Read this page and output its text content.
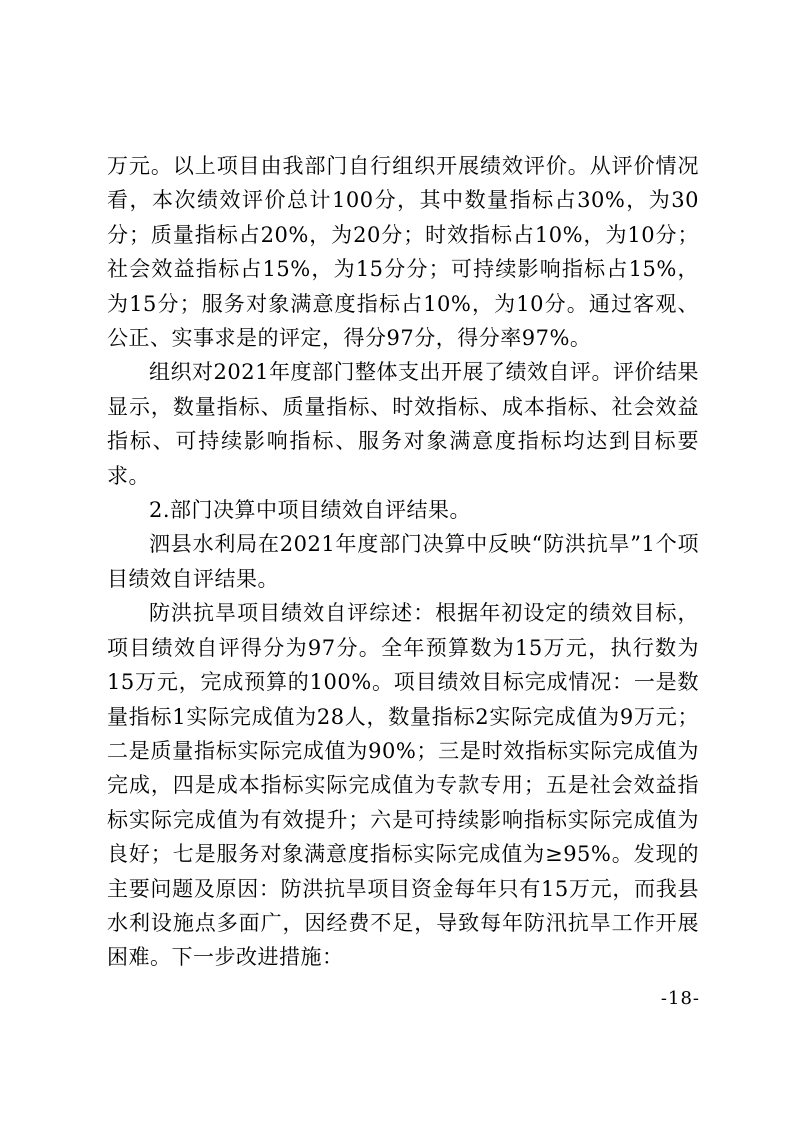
万元。以上项目由我部门自行组织开展绩效评价。从评价情况看，本次绩效评价总计100分，其中数量指标占30%，为30分；质量指标占20%，为20分；时效指标占10%，为10分；社会效益指标占15%，为15分分；可持续影响指标占15%，为15分；服务对象满意度指标占10%，为10分。通过客观、公正、实事求是的评定，得分97分，得分率97%。

组织对2021年度部门整体支出开展了绩效自评。评价结果显示，数量指标、质量指标、时效指标、成本指标、社会效益指标、可持续影响指标、服务对象满意度指标均达到目标要求。

2.部门决算中项目绩效自评结果。

泗县水利局在2021年度部门决算中反映“防洪抗旱”1个项目绩效自评结果。

防洪抗旱项目绩效自评综述：根据年初设定的绩效目标，项目绩效自评得分为97分。全年预算数为15万元，执行数为15万元，完成预算的100%。项目绩效目标完成情况：一是数量指标1实际完成值为28人，数量指标2实际完成值为9万元；二是质量指标实际完成值为90%；三是时效指标实际完成值为完成，四是成本指标实际完成值为专款专用；五是社会效益指标实际完成值为有效提升；六是可持续影响指标实际完成值为良好；七是服务对象满意度指标实际完成值为≥95%。发现的主要问题及原因：防洪抗旱项目资金每年只有15万元，而我县水利设施点多面广，因经费不足，导致每年防汛抗旱工作开展困难。下一步改进措施：

-18-
